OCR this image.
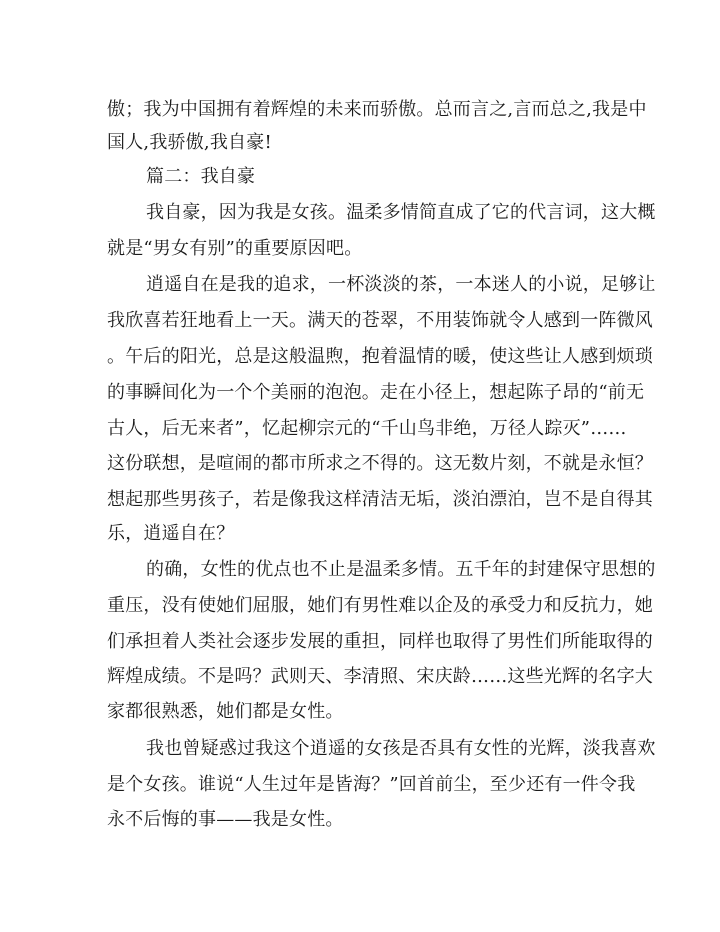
傲；我为中国拥有着辉煌的未来而骄傲。总而言之,言而总之,我是中
国人,我骄傲,我自豪!
篇二：我自豪
我自豪，因为我是女孩。温柔多情简直成了它的代言词，这大概
就是“男女有别”的重要原因吧。
逍遥自在是我的追求，一杯淡淡的茶，一本迷人的小说，足够让
我欣喜若狂地看上一天。满天的苍翠，不用装饰就令人感到一阵微风
。午后的阳光，总是这般温煦，抱着温情的暖，使这些让人感到烦琐
的事瞬间化为一个个美丽的泡泡。走在小径上，想起陈子昂的“前无
古人，后无来者”，忆起柳宗元的“千山鸟非绝，万径人踪灭”……
这份联想，是喧闹的都市所求之不得的。这无数片刻，不就是永恒？
想起那些男孩子，若是像我这样清洁无垢，淡泊漂泊，岂不是自得其
乐，逍遥自在？
的确，女性的优点也不止是温柔多情。五千年的封建保守思想的
重压，没有使她们屈服，她们有男性难以企及的承受力和反抗力，她
们承担着人类社会逐步发展的重担，同样也取得了男性们所能取得的
辉煌成绩。不是吗？武则天、李清照、宋庆龄……这些光辉的名字大
家都很熟悉，她们都是女性。
我也曾疑惑过我这个逍遥的女孩是否具有女性的光辉，淡我喜欢
是个女孩。谁说“人生过年是皆海？”回首前尘，至少还有一件令我
永不后悔的事——我是女性。
